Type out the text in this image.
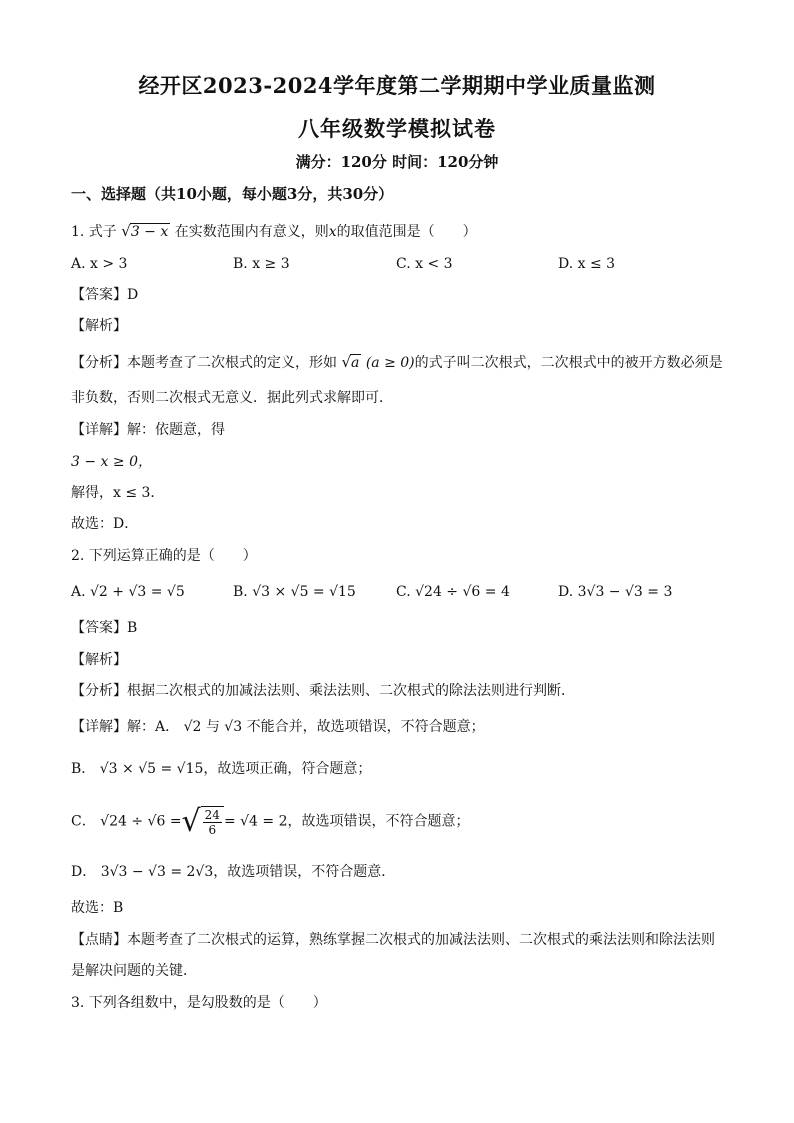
经开区2023-2024学年度第二学期期中学业质量监测
八年级数学模拟试卷
满分：120分 时间：120分钟
一、选择题（共10小题，每小题3分，共30分）
1. 式子 √3 − x 在实数范围内有意义，则x的取值范围是（　　）
A. x > 3	B. x ≥ 3	C. x < 3	D. x ≤ 3
【答案】D
【解析】
【分析】本题考查了二次根式的定义，形如 √a (a ≥ 0)的式子叫二次根式，二次根式中的被开方数必须是
非负数，否则二次根式无意义．据此列式求解即可．
【详解】解：依题意，得
3 − x ≥ 0，
解得，x ≤ 3．
故选：D．
2. 下列运算正确的是（　　）
A. √2 + √3 = √5	B. √3 × √5 = √15	C. √24 ÷ √6 = 4	D. 3√3 − √3 = 3
【答案】B
【解析】
【分析】根据二次根式的加减法法则、乘法法则、二次根式的除法法则进行判断．
【详解】解：A． √2 与 √3 不能合并，故选项错误，不符合题意；
B． √3 × √5 = √15，故选项正确，符合题意；
C． √24 ÷ √6 = √ $\frac{24}{6} = √4 = 2$，故选项错误，不符合题意；
D． 3√3 − √3 = 2√3，故选项错误，不符合题意．
故选：B
【点睛】本题考查了二次根式的运算，熟练掌握二次根式的加减法法则、二次根式的乘法法则和除法法则
是解决问题的关键．
3. 下列各组数中，是勾股数的是（　　）
